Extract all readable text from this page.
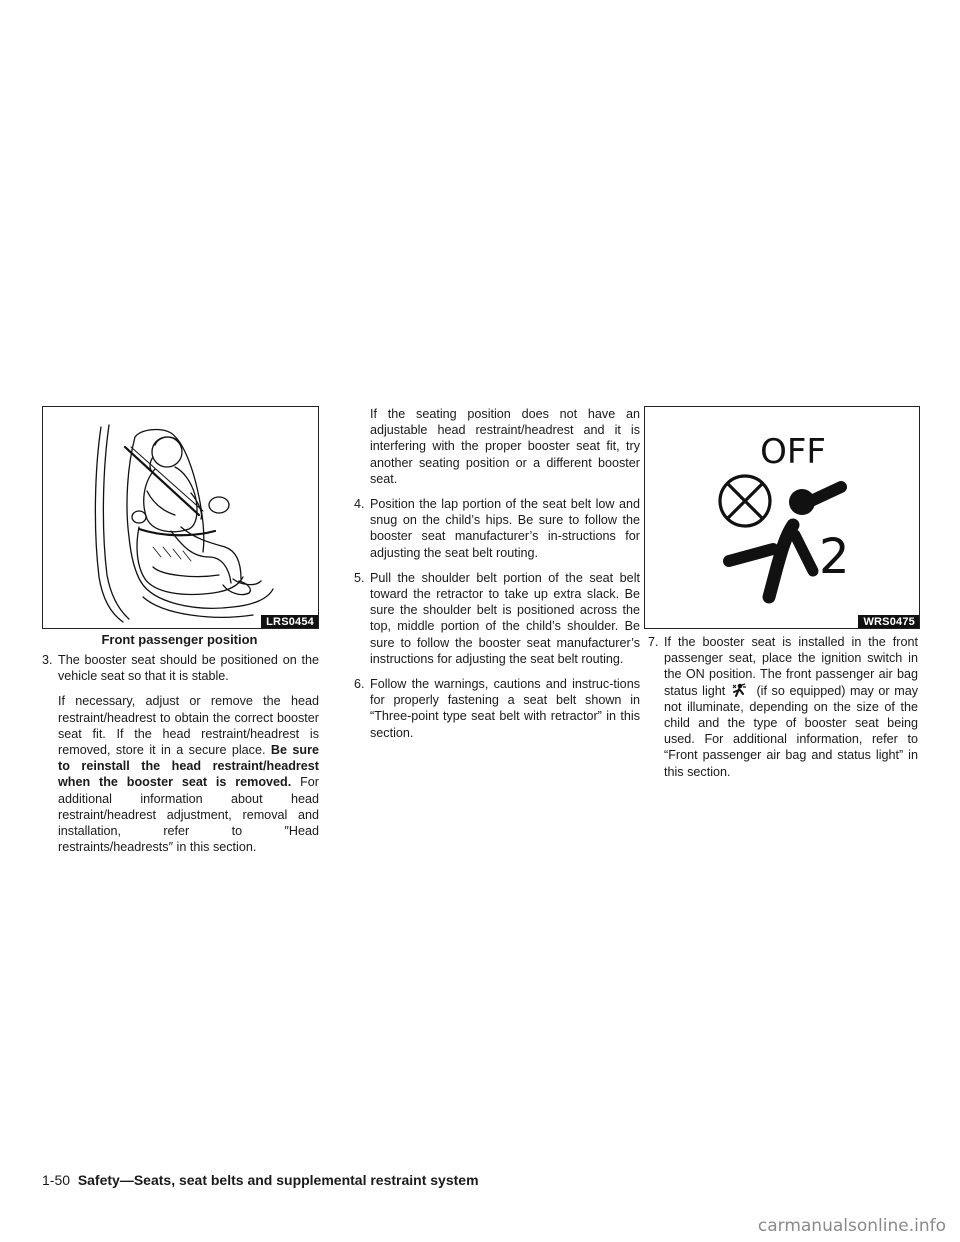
LRS0454
Front passenger position
3. The booster seat should be positioned on the vehicle seat so that it is stable.

If necessary, adjust or remove the head restraint/headrest to obtain the correct booster seat fit. If the head restraint/headrest is removed, store it in a secure place. Be sure to reinstall the head restraint/headrest when the booster seat is removed. For additional information about head restraint/headrest adjustment, removal and installation, refer to ″Head restraints/headrests″ in this section.

If the seating position does not have an adjustable head restraint/headrest and it is interfering with the proper booster seat fit, try another seating position or a different booster seat.

4. Position the lap portion of the seat belt low and snug on the child’s hips. Be sure to follow the booster seat manufacturer’s in-structions for adjusting the seat belt routing.
5. Pull the shoulder belt portion of the seat belt toward the retractor to take up extra slack. Be sure the shoulder belt is positioned across the top, middle portion of the child’s shoulder. Be sure to follow the booster seat manufacturer’s instructions for adjusting the seat belt routing.
6. Follow the warnings, cautions and instruc-tions for properly fastening a seat belt shown in “Three-point type seat belt with retractor” in this section.
OFF
2
WRS0475
7. If the booster seat is installed in the front passenger seat, place the ignition switch in the ON position. The front passenger air bag status light  (if so equipped) may or may not illuminate, depending on the size of the child and the type of booster seat being used. For additional information, refer to “Front passenger air bag and status light” in this section.
1-50 Safety—Seats, seat belts and supplemental restraint system
carmanualsonline.info
